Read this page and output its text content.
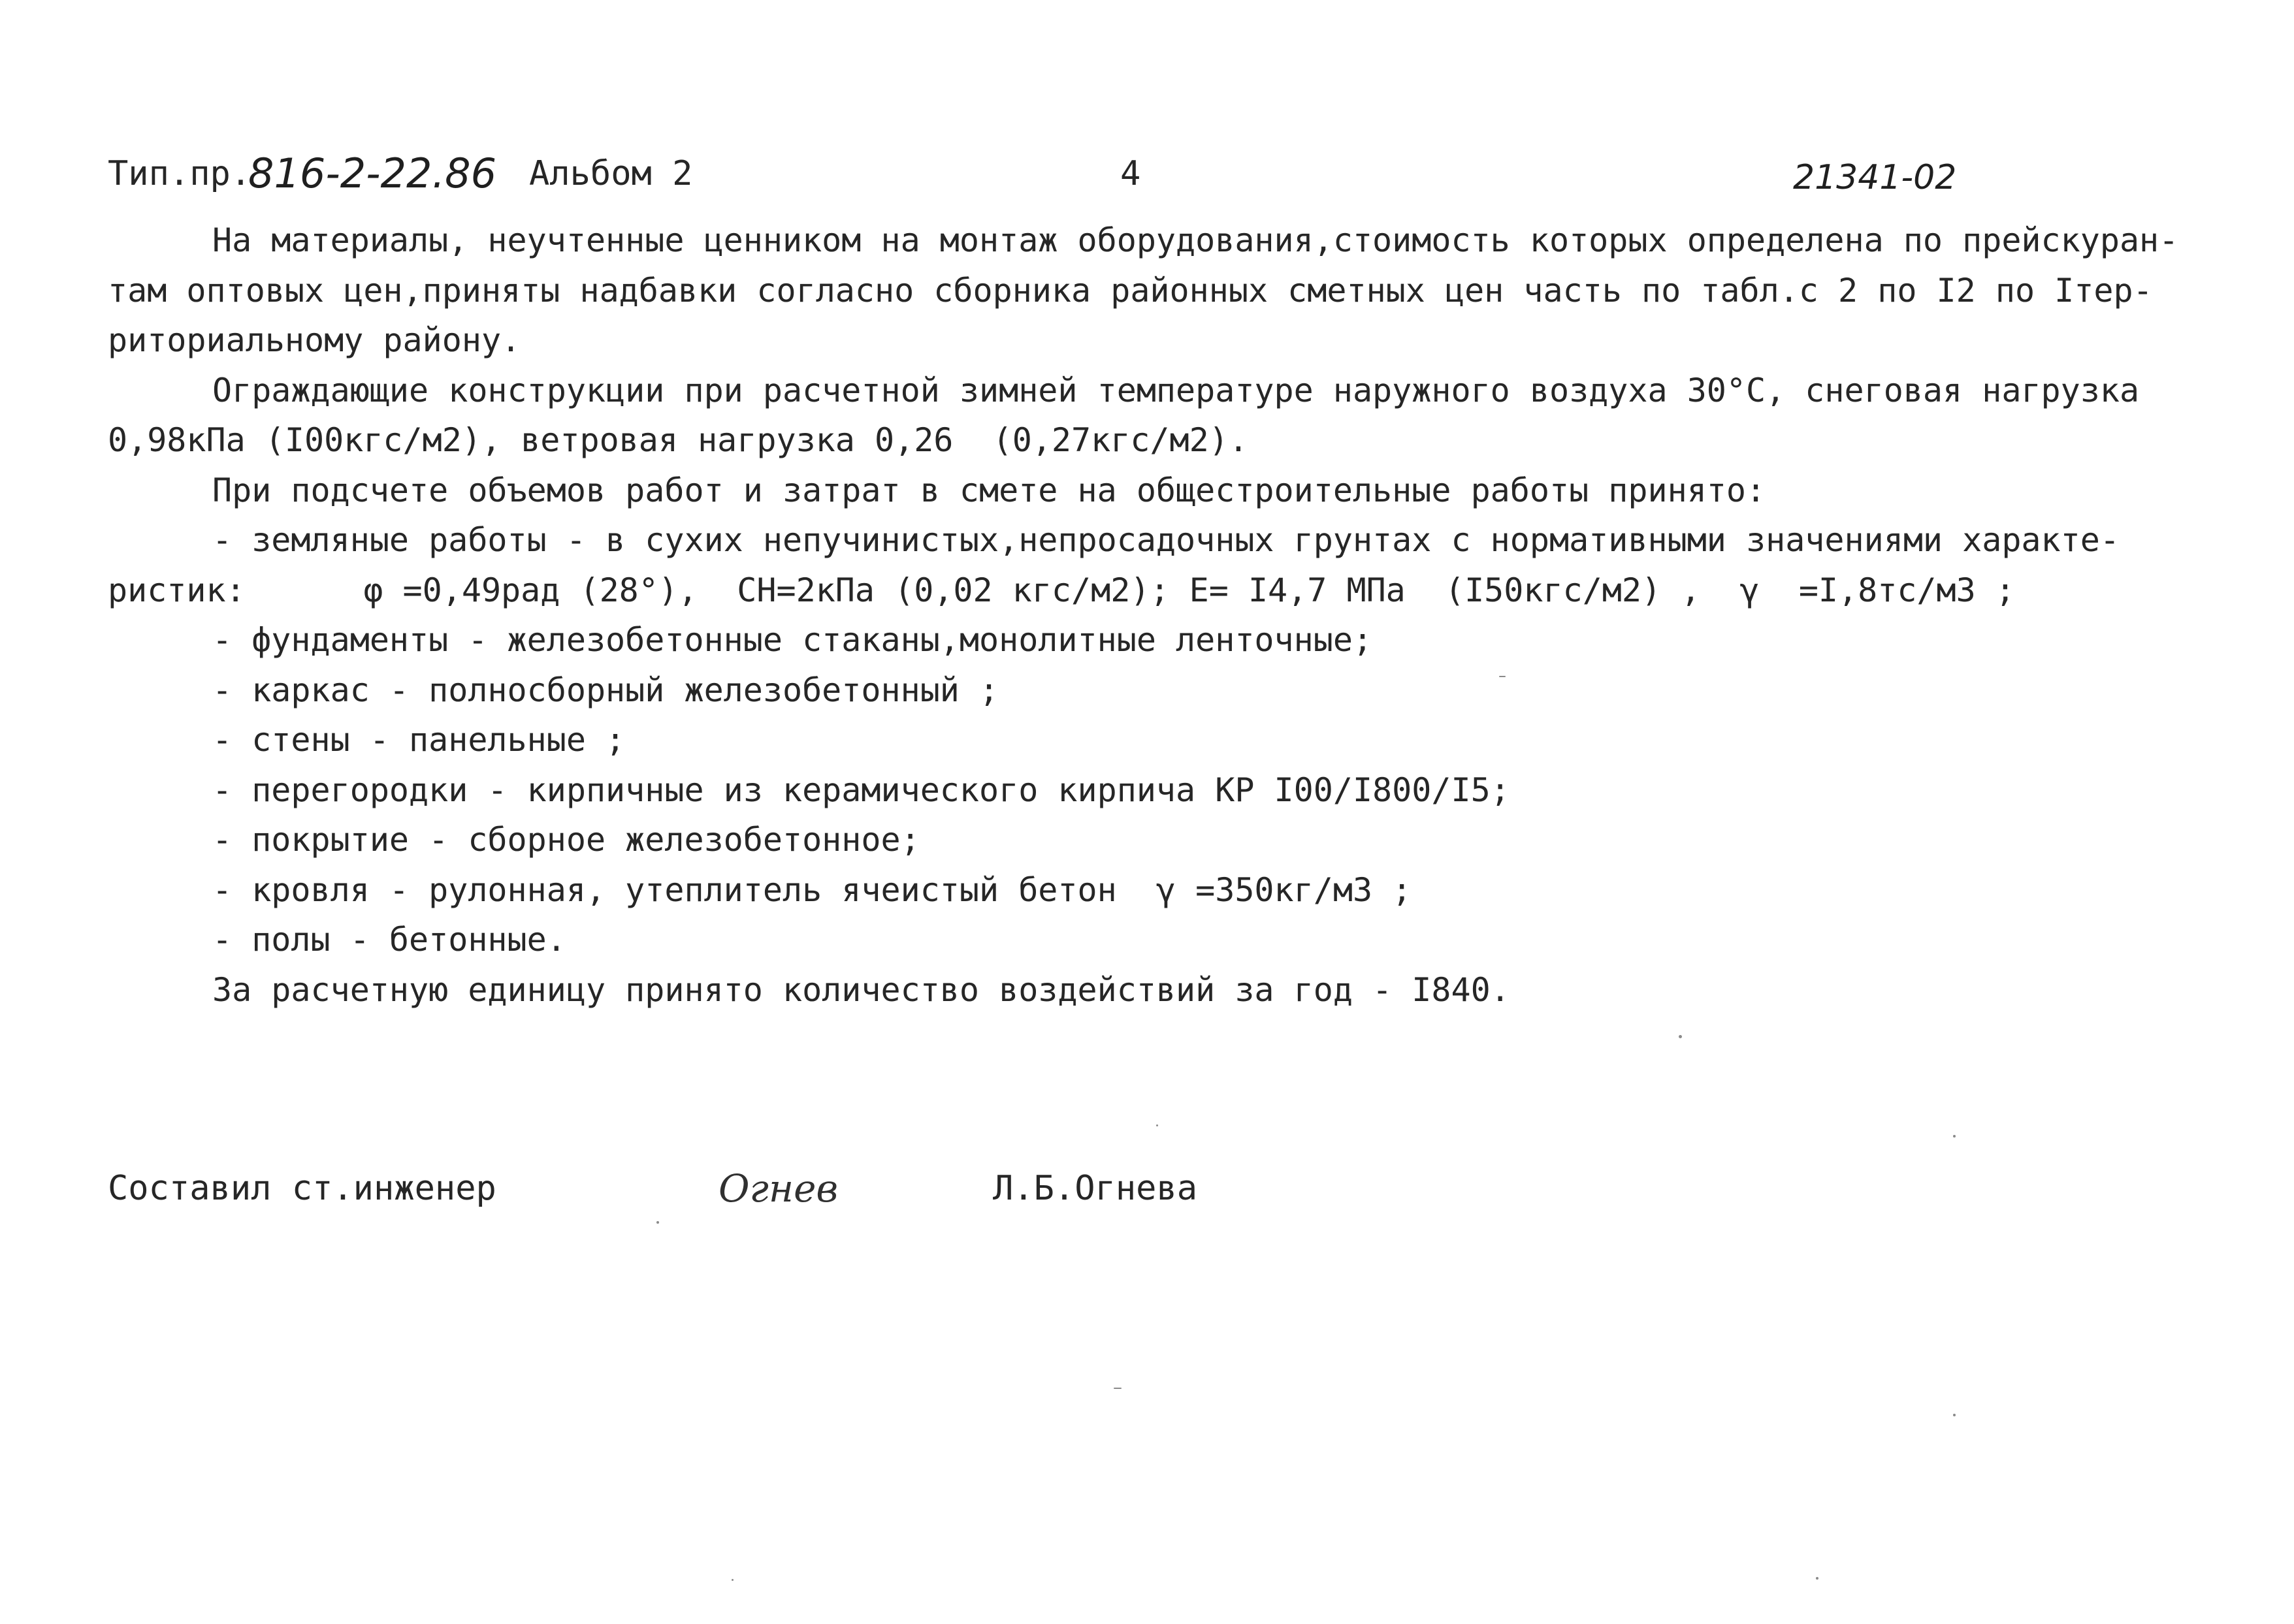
Тип.пр.
816-2-22.86 Альбом 2	4	21341-02
На материалы, неучтенные ценником на монтаж оборудования,стоимость которых определена по прейскуран-
там оптовых цен,приняты надбавки согласно сборника районных сметных цен часть по табл.с 2 по I2 по Iтер-
риториальному району.
Ограждающие конструкции при расчетной зимней температуре наружного воздуха 30°С, снеговая нагрузка
0,98кПа (I00кгс/м2), ветровая нагрузка 0,26  (0,27кгс/м2).
При подсчете объемов работ и затрат в смете на общестроительные работы принято:
- земляные работы - в сухих непучинистых,непросадочных грунтах с нормативными значениями характе-
ристик:      φ =0,49рад (28°),  СН=2кПа (0,02 кгс/м2); Е= I4,7 МПа  (I50кгс/м2) ,  γ  =I,8тс/м3 ;
- фундаменты - железобетонные стаканы,монолитные ленточные;
- каркас - полносборный железобетонный ;
- стены - панельные ;
- перегородки - кирпичные из керамического кирпича КР I00/I800/I5;
- покрытие - сборное железобетонное;
- кровля - рулонная, утеплитель ячеистый бетон  γ =350кг/м3 ;
- полы - бетонные.
За расчетную единицу принято количество воздействий за год - I840.
Составил ст.инженер	Огнев	Л.Б.Огнева
